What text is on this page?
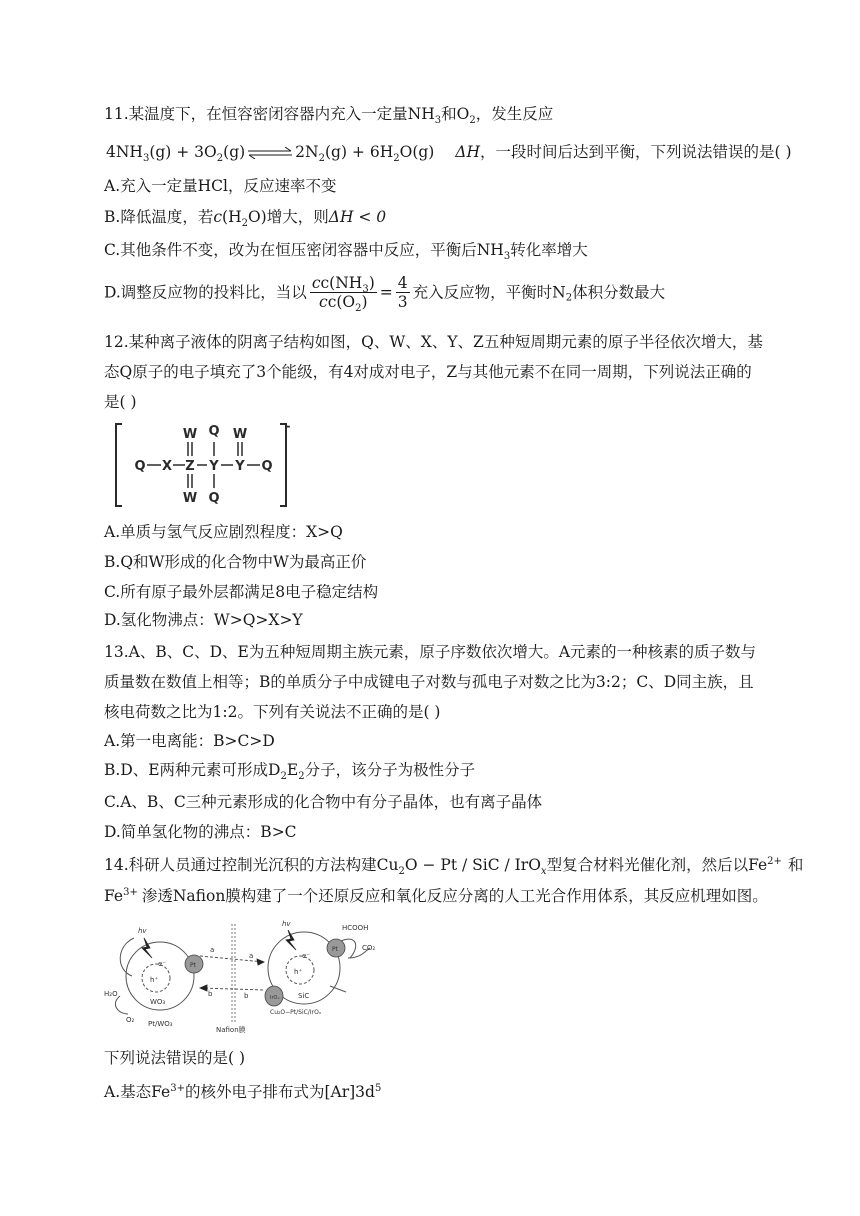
11.某温度下，在恒容密闭容器内充入一定量$NH_3$和$O_2$，发生反应
$4NH_3(g) + 3O_2(g)$ ⇌ $2N_2(g) + 6H_2O(g)$ ΔH，一段时间后达到平衡，下列说法错误的是( )
A.充入一定量HCl，反应速率不变
B.降低温度，若$c(H_2O)$增大，则ΔH < 0
C.其他条件不变，改为在恒压密闭容器中反应，平衡后$NH_3$转化率增大
D.调整反应物的投料比，当以 $\frac{cc(NH_3)}{cc(O_2)} = \frac{4}{3}$ 充入反应物，平衡时$N_2$体积分数最大
12.某种离子液体的阴离子结构如图，Q、W、X、Y、Z五种短周期元素的原子半径依次增大，基态Q原子的电子填充了3个能级，有4对成对电子，Z与其他元素不在同一周期，下列说法正确的是( )
Q X Z Y Y Q
W
W
Q
Q
W
-
A.单质与氢气反应剧烈程度：X>Q
B.Q和W形成的化合物中W为最高正价
C.所有原子最外层都满足8电子稳定结构
D.氢化物沸点：W>Q>X>Y
13.A、B、C、D、E为五种短周期主族元素，原子序数依次增大。A元素的一种核素的质子数与质量数在数值上相等；B的单质分子中成键电子对数与孤电子对数之比为3:2；C、D同主族，且核电荷数之比为1:2。下列有关说法不正确的是( )
A.第一电离能：B>C>D
B.D、E两种元素可形成$D_2E_2$分子，该分子为极性分子
C.A、B、C三种元素形成的化合物中有分子晶体，也有离子晶体
D.简单氢化物的沸点：B>C
14.科研人员通过控制光沉积的方法构建$Cu_2O - Pt$ / SiC / IrO$_x$型复合材料光催化剂，然后以$Fe^{2+}$ 和
$Fe^{3+}$ 渗透Nafion膜构建了一个还原反应和氧化反应分离的人工光合作用体系，其反应机理如图。
hv
hv
Pt
Pt
IrOₓ
WO₃
Pt/WO₃
H₂O
O₂
h⁺
h⁺
e⁻
e⁻
a
a
b	b
Nafion膜
SiC
Cu₂O−Pt/SiC/IrOₓ
HCOOH
CO₂
下列说法错误的是( )
A.基态$Fe^{3+}$的核外电子排布式为$[Ar]3d^5$
